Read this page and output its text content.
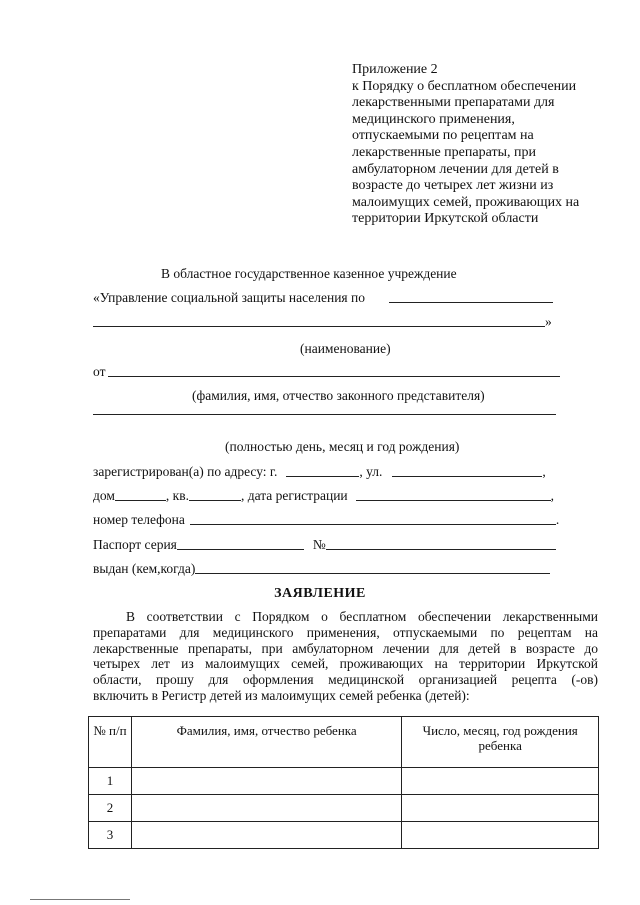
Приложение 2
к Порядку о бесплатном обеспечении
лекарственными препаратами для
медицинского применения,
отпускаемыми по рецептам на
лекарственные препараты, при
амбулаторном лечении для детей в
возрасте до четырех лет жизни из
малоимущих семей, проживающих на
территории Иркутской области
В областное государственное казенное учреждение
«Управление социальной защиты населения по
»
(наименование)
от
(фамилия, имя, отчество законного представителя)
(полностью день, месяц и год рождения)
зарегистрирован(а) по адресу: г.	, ул.	,
дом	, кв.	, дата регистрации	,
номер телефона	.
Паспорт серия	№
выдан (кем,когда)
ЗАЯВЛЕНИЕ
В соответствии с Порядком о бесплатном обеспечении лекарственными
препаратами для медицинского применения, отпускаемыми по рецептам на
лекарственные препараты, при амбулаторном лечении для детей в возрасте до
четырех лет из малоимущих семей, проживающих на территории Иркутской
области, прошу для оформления медицинской организацией рецепта (-ов)
включить в Регистр детей из малоимущих семей ребенка (детей):
№ п/п	Фамилия, имя, отчество ребенка	Число, месяц, год рождения ребенка
1		
2		
3		
